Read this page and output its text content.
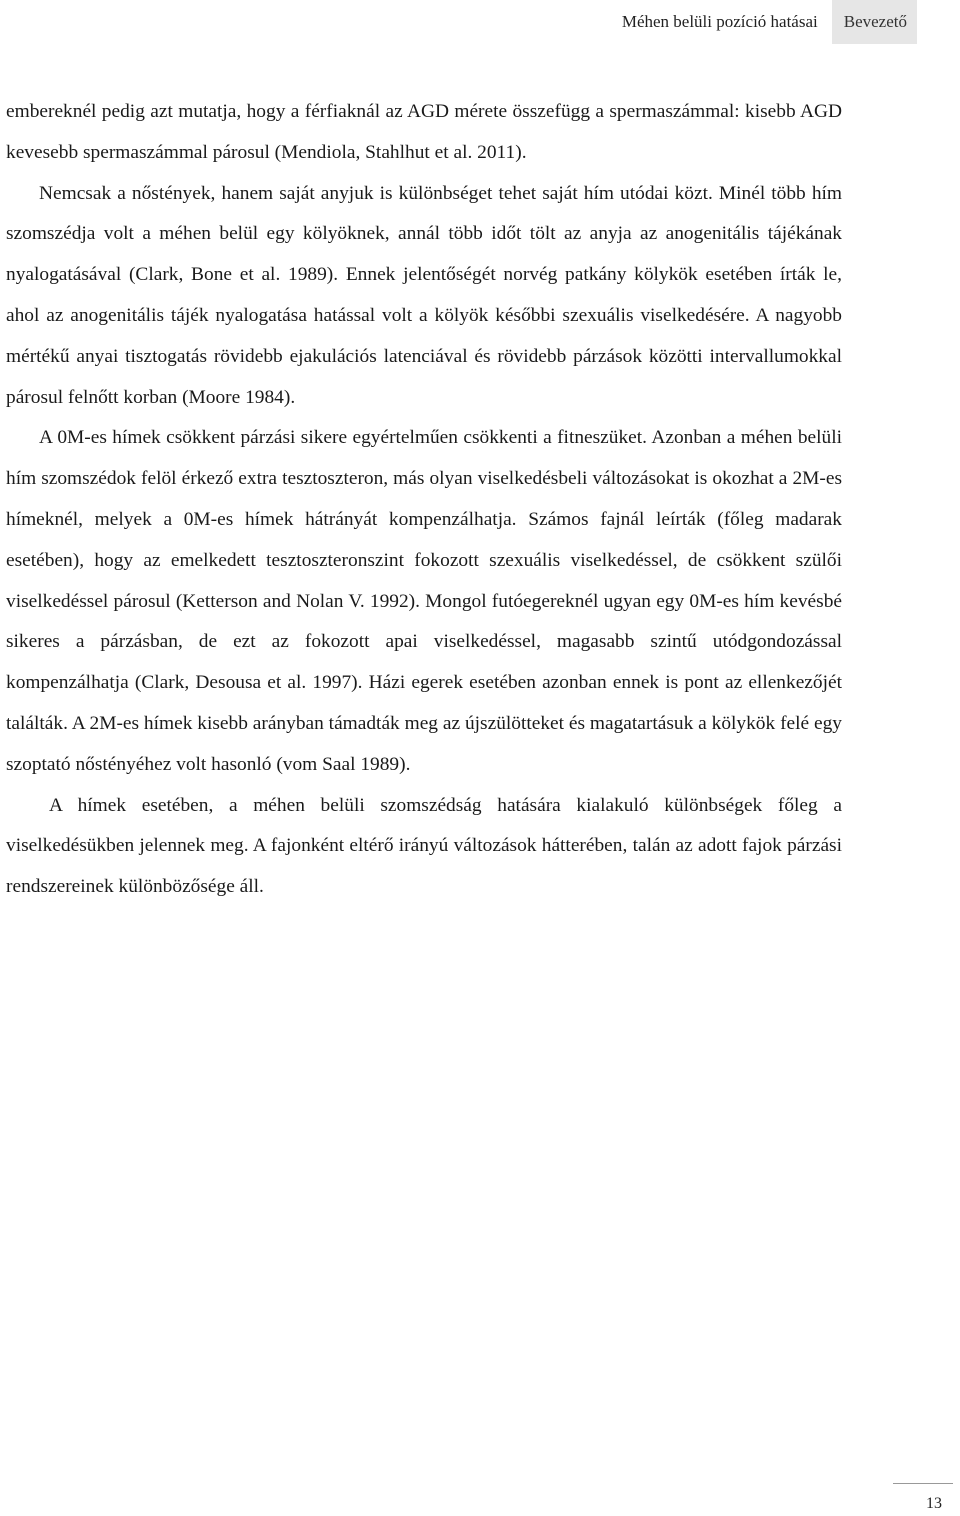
Méhen belüli pozíció hatásai	Bevezető

embereknél pedig azt mutatja, hogy a férfiaknál az AGD mérete összefügg a spermaszámmal: kisebb AGD kevesebb spermaszámmal párosul (Mendiola, Stahlhut et al. 2011).

Nemcsak a nőstények, hanem saját anyjuk is különbséget tehet saját hím utódai közt. Minél több hím szomszédja volt a méhen belül egy kölyöknek, annál több időt tölt az anyja az anogenitális tájékának nyalogatásával (Clark, Bone et al. 1989). Ennek jelentőségét norvég patkány kölykök esetében írták le, ahol az anogenitális tájék nyalogatása hatással volt a kölyök későbbi szexuális viselkedésére. A nagyobb mértékű anyai tisztogatás rövidebb ejakulációs latenciával és rövidebb párzások közötti intervallumokkal párosul felnőtt korban (Moore 1984).

A 0M-es hímek csökkent párzási sikere egyértelműen csökkenti a fitneszüket. Azonban a méhen belüli hím szomszédok felöl érkező extra tesztoszteron, más olyan viselkedésbeli változásokat is okozhat a 2M-es hímeknél, melyek a 0M-es hímek hátrányát kompenzálhatja. Számos fajnál leírták (főleg madarak esetében), hogy az emelkedett tesztoszteronszint fokozott szexuális viselkedéssel, de csökkent szülői viselkedéssel párosul (Ketterson and Nolan V. 1992). Mongol futóegereknél ugyan egy 0M-es hím kevésbé sikeres a párzásban, de ezt az fokozott apai viselkedéssel, magasabb szintű utódgondozással kompenzálhatja (Clark, Desousa et al. 1997). Házi egerek esetében azonban ennek is pont az ellenkezőjét találták. A 2M-es hímek kisebb arányban támadták meg az újszülötteket és magatartásuk a kölykök felé egy szoptató nőstényéhez volt hasonló (vom Saal 1989).

A hímek esetében, a méhen belüli szomszédság hatására kialakuló különbségek főleg a viselkedésükben jelennek meg. A fajonként eltérő irányú változások hátterében, talán az adott fajok párzási rendszereinek különbözősége áll.

13
